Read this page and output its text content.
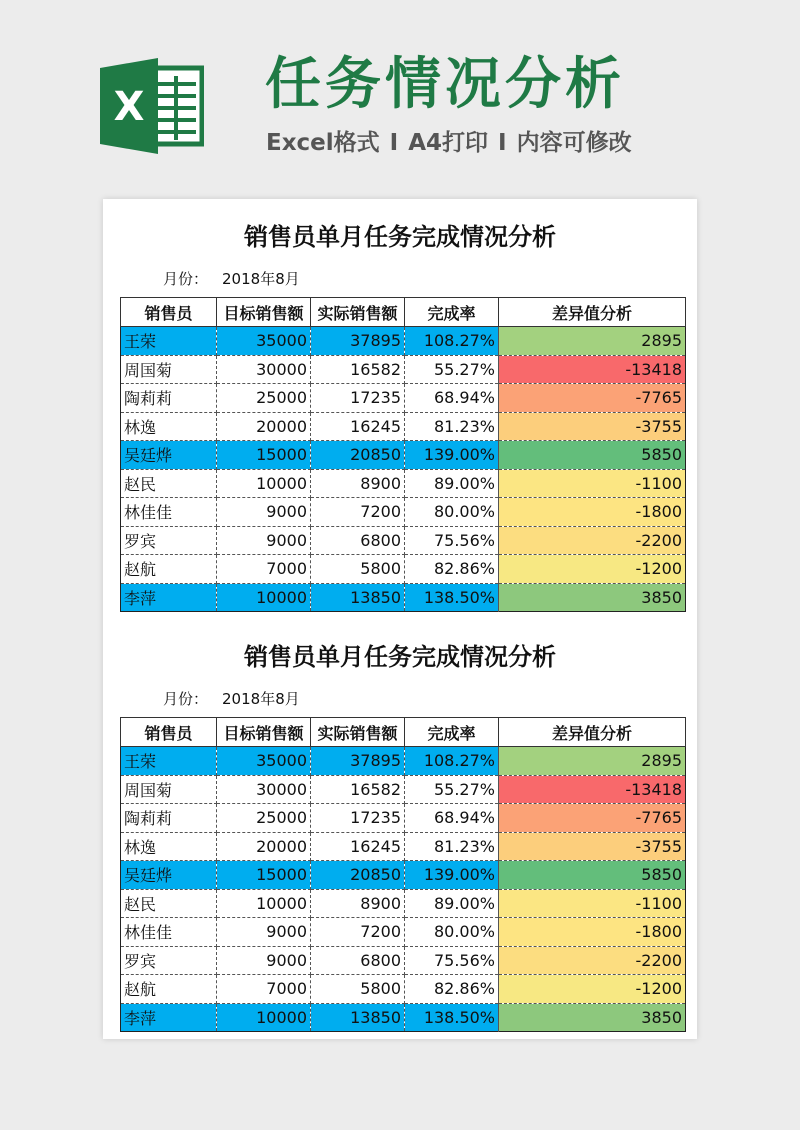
X 任务情况分析
Excel格式 I A4打印 I 内容可修改
销售员单月任务完成情况分析
月份： 2018年8月
销售员	目标销售额	实际销售额	完成率	差异值分析
王荣	35000	37895	108.27%	2895
周国菊	30000	16582	55.27%	-13418
陶莉莉	25000	17235	68.94%	-7765
林逸	20000	16245	81.23%	-3755
吴廷烨	15000	20850	139.00%	5850
赵民	10000	8900	89.00%	-1100
林佳佳	9000	7200	80.00%	-1800
罗宾	9000	6800	75.56%	-2200
赵航	7000	5800	82.86%	-1200
李萍	10000	13850	138.50%	3850
销售员单月任务完成情况分析
月份： 2018年8月
销售员	目标销售额	实际销售额	完成率	差异值分析
王荣	35000	37895	108.27%	2895
周国菊	30000	16582	55.27%	-13418
陶莉莉	25000	17235	68.94%	-7765
林逸	20000	16245	81.23%	-3755
吴廷烨	15000	20850	139.00%	5850
赵民	10000	8900	89.00%	-1100
林佳佳	9000	7200	80.00%	-1800
罗宾	9000	6800	75.56%	-2200
赵航	7000	5800	82.86%	-1200
李萍	10000	13850	138.50%	3850
